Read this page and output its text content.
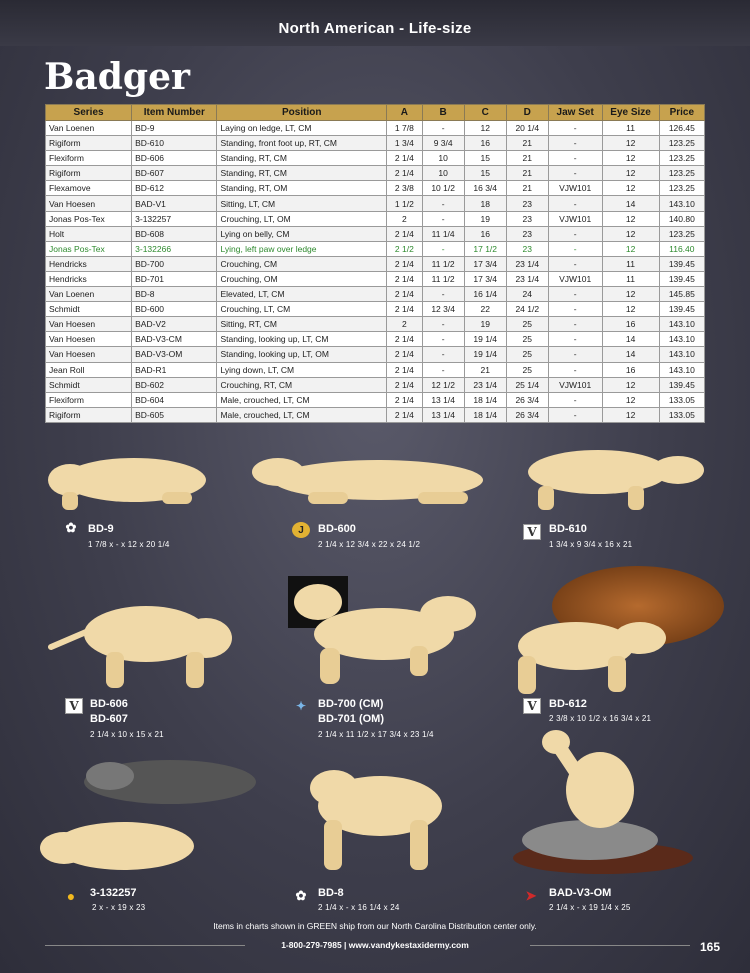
North American - Life-size
Badger
Series	Item Number	Position	A	B	C	D	Jaw Set	Eye Size	Price
Van Loenen	BD-9	Laying on ledge, LT, CM	1 7/8	-	12	20 1/4	-	11	126.45
Rigiform	BD-610	Standing, front foot up, RT, CM	1 3/4	9 3/4	16	21	-	12	123.25
Flexiform	BD-606	Standing, RT, CM	2 1/4	10	15	21	-	12	123.25
Rigiform	BD-607	Standing, RT, CM	2 1/4	10	15	21	-	12	123.25
Flexamove	BD-612	Standing, RT, OM	2 3/8	10 1/2	16 3/4	21	VJW101	12	123.25
Van Hoesen	BAD-V1	Sitting, LT, CM	1 1/2	-	18	23	-	14	143.10
Jonas Pos-Tex	3-132257	Crouching, LT, OM	2	-	19	23	VJW101	12	140.80
Holt	BD-608	Lying on belly, CM	2 1/4	11 1/4	16	23	-	12	123.25
Jonas Pos-Tex	3-132266	Lying, left paw over ledge	2 1/2	-	17 1/2	23	-	12	116.40
Hendricks	BD-700	Crouching, CM	2 1/4	11 1/2	17 3/4	23 1/4	-	11	139.45
Hendricks	BD-701	Crouching, OM	2 1/4	11 1/2	17 3/4	23 1/4	VJW101	11	139.45
Van Loenen	BD-8	Elevated, LT, CM	2 1/4	-	16 1/4	24	-	12	145.85
Schmidt	BD-600	Crouching, LT, CM	2 1/4	12 3/4	22	24 1/2	-	12	139.45
Van Hoesen	BAD-V2	Sitting, RT, CM	2	-	19	25	-	16	143.10
Van Hoesen	BAD-V3-CM	Standing, looking up, LT, CM	2 1/4	-	19 1/4	25	-	14	143.10
Van Hoesen	BAD-V3-OM	Standing, looking up, LT, OM	2 1/4	-	19 1/4	25	-	14	143.10
Jean Roll	BAD-R1	Lying down, LT, CM	2 1/4	-	21	25	-	16	143.10
Schmidt	BD-602	Crouching, RT, CM	2 1/4	12 1/2	23 1/4	25 1/4	VJW101	12	139.45
Flexiform	BD-604	Male, crouched, LT, CM	2 1/4	13 1/4	18 1/4	26 3/4	-	12	133.05
Rigiform	BD-605	Male, crouched, LT, CM	2 1/4	13 1/4	18 1/4	26 3/4	-	12	133.05
✿	BD-9
1 7/8 x - x 12 x 20 1/4
J	BD-600
2 1/4 x 12 3/4 x 22 x 24 1/2
V	BD-610
1 3/4 x 9 3/4 x 16 x 21
V	BD-606
BD-607
2 1/4 x 10 x 15 x 21
✦	BD-700 (CM)
BD-701 (OM)
2 1/4 x 11 1/2 x 17 3/4 x 23 1/4
V	BD-612
2 3/8 x 10 1/2 x 16 3/4 x 21
●	3-132257
2 x - x 19 x 23
✿	BD-8
2 1/4 x - x 16 1/4 x 24
➤	BAD-V3-OM
2 1/4 x - x 19 1/4 x 25
Items in charts shown in GREEN ship from our North Carolina Distribution center only.
1-800-279-7985 | www.vandykestaxidermy.com	165
